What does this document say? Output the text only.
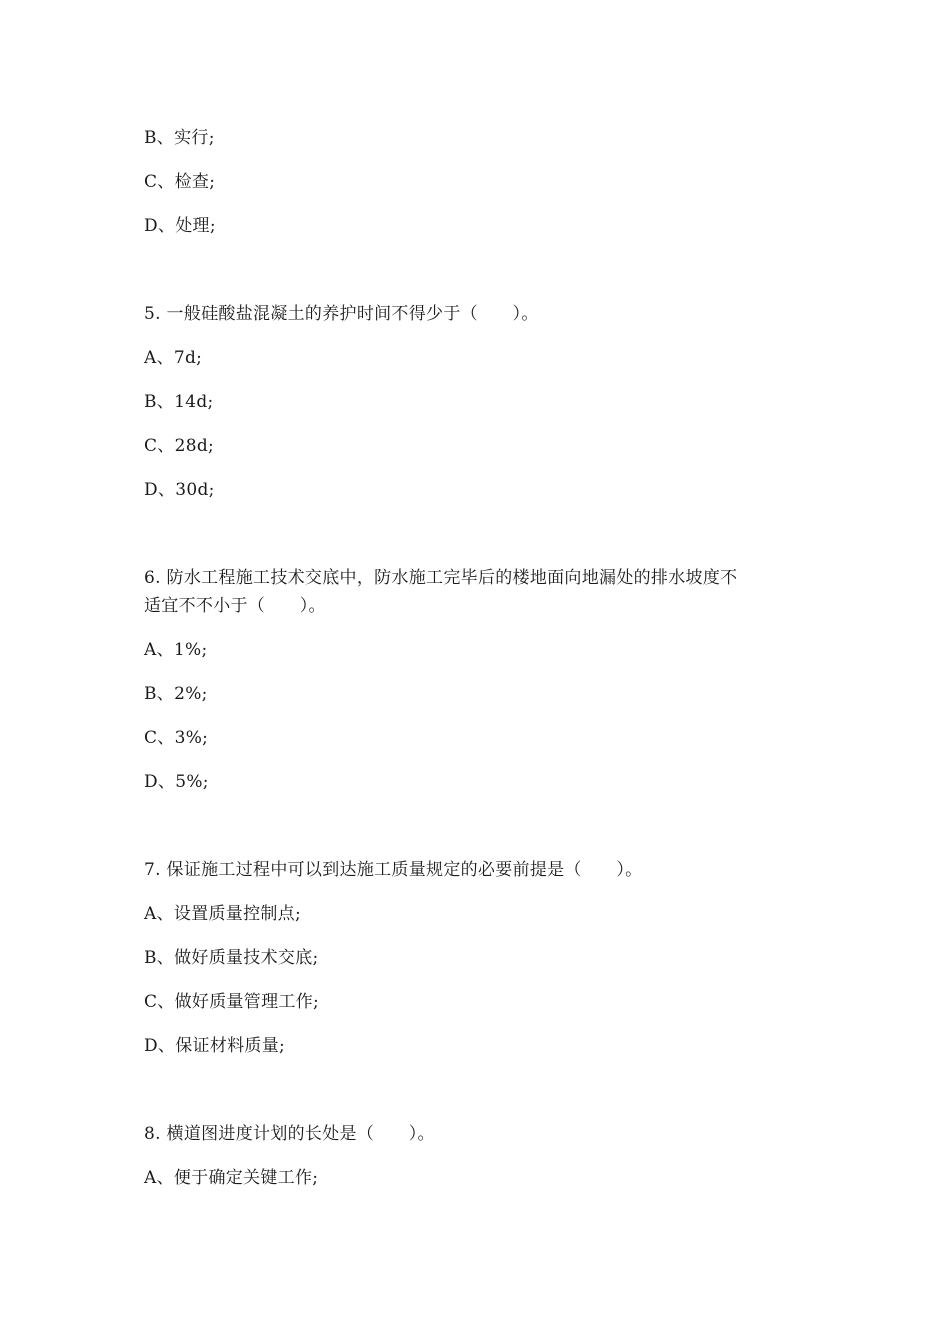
B、实行;
C、检查;
D、处理;
5. 一般硅酸盐混凝土的养护时间不得少于（　　）。
A、7d;
B、14d;
C、28d;
D、30d;
6. 防水工程施工技术交底中，防水施工完毕后的楼地面向地漏处的排水坡度不
适宜不不小于（　　）。
A、1%;
B、2%;
C、3%;
D、5%;
7. 保证施工过程中可以到达施工质量规定的必要前提是（　　）。
A、设置质量控制点;
B、做好质量技术交底;
C、做好质量管理工作;
D、保证材料质量;
8. 横道图进度计划的长处是（　　）。
A、便于确定关键工作;
